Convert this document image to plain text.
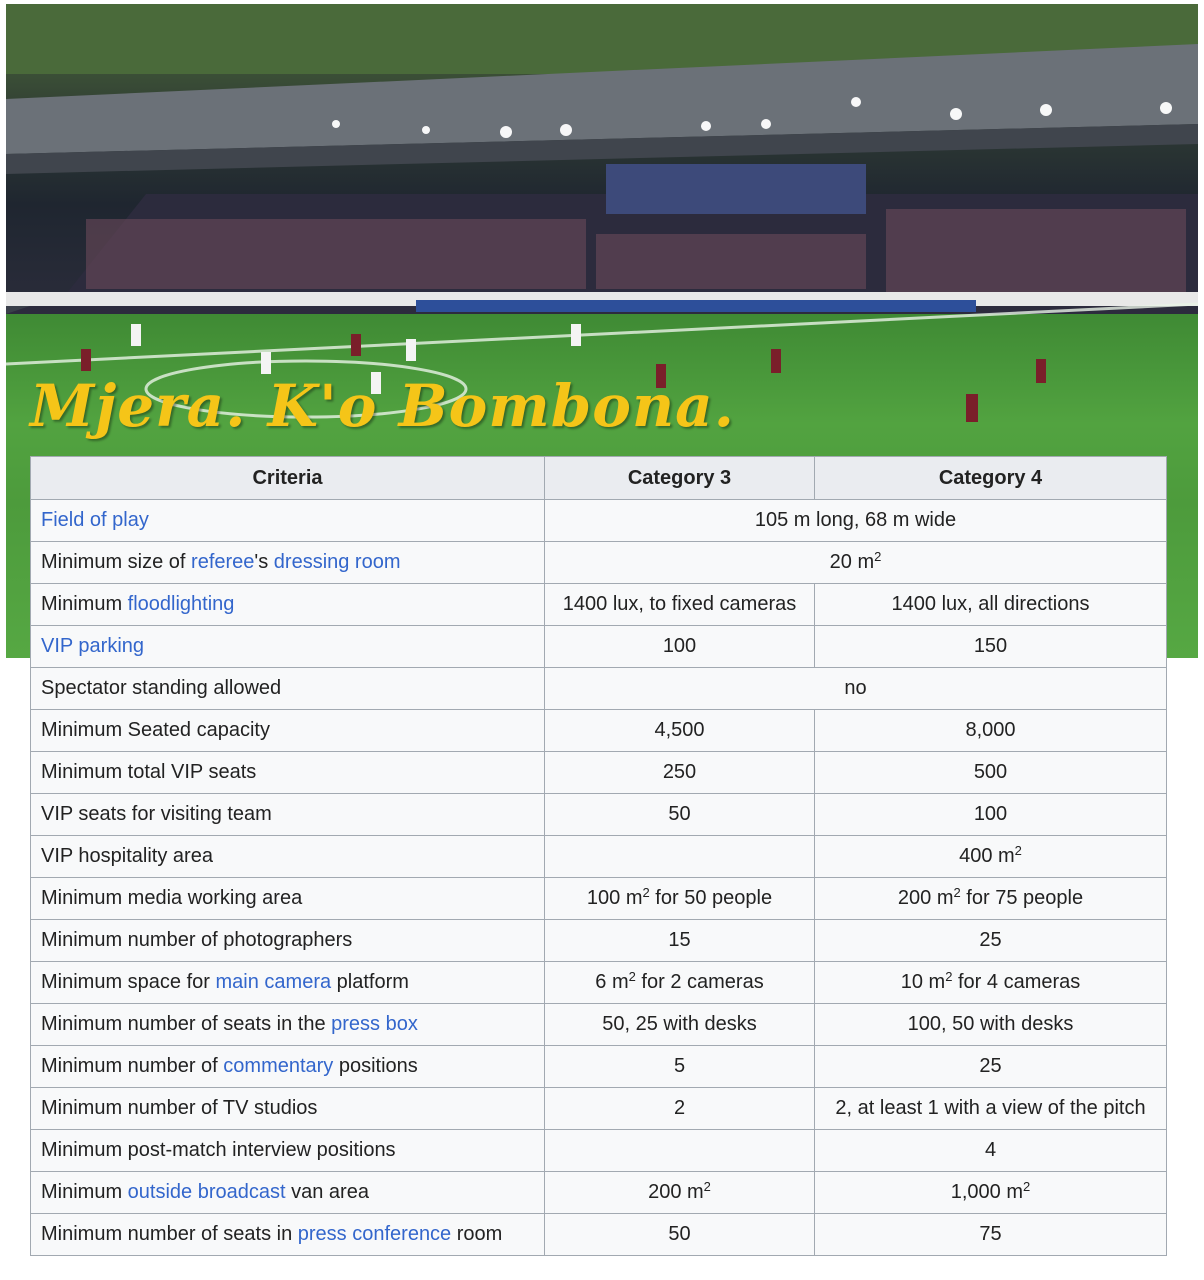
Mjera. K'o Bombona.
Criteria	Category 3	Category 4
Field of play	105 m long, 68 m wide	
Minimum size of referee's dressing room	20 $m^2$
Minimum floodlighting	1400 lux, to fixed cameras	1400 lux, all directions
VIP parking	100	150
Spectator standing allowed	no	
Minimum Seated capacity	4,500	8,000
Minimum total VIP seats	250	500
VIP seats for visiting team	50	100
VIP hospitality area		400 $m^2$
Minimum media working area	100 $m^2$ for 50 people	200 $m^2$ for 75 people
Minimum number of photographers	15	25
Minimum space for main camera platform	6 $m^2$ for 2 cameras	10 $m^2$ for 4 cameras
Minimum number of seats in the press box	50, 25 with desks	100, 50 with desks
Minimum number of commentary positions	5	25
Minimum number of TV studios	2	2, at least 1 with a view of the pitch
Minimum post-match interview positions		4
Minimum outside broadcast van area	200 $m^2$	1,000 $m^2$
Minimum number of seats in press conference room	50	75
